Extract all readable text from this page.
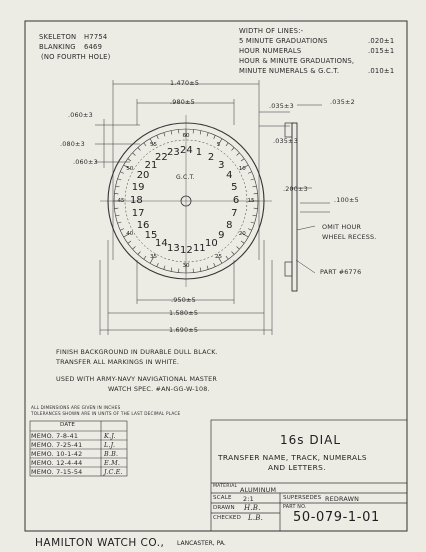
SKELETON H7754
BLANKING 6469
(NO FOURTH HOLE)
WIDTH OF LINES:-
5 MINUTE GRADUATIONS	.020±1
HOUR NUMERALS	.015±1
HOUR & MINUTE GRADUATIONS,
MINUTE NUMERALS & G.C.T.	.010±1
1.470±5
.980±5
.060±3
.080±3
.060±3
.035±3
.035±3
.035±2
.200±3
.100±5
.950±5
1.580±5
1.690±5
24 1 2
3
4
5
6
7
8
9
10
11
12
13
14
15
16
17
18
19
20
21
22 23
5
10
15
20
25
30
35
40
45
50
55
60
G.C.T.
OMIT HOUR
WHEEL RECESS.
PART #6776
FINISH BACKGROUND IN DURABLE DULL BLACK.
TRANSFER ALL MARKINGS IN WHITE.
USED WITH ARMY-NAVY NAVIGATIONAL MASTER
WATCH SPEC. #AN-GG-W-108.
ALL DIMENSIONS ARE GIVEN IN INCHES
TOLERANCES SHOWN ARE IN UNITS OF THE LAST DECIMAL PLACE
DATE
MEMO. 7-8-41	K.J.
MEMO. 7-25-41	L.J.
MEMO. 10-1-42	B.B.
MEMO. 12-4-44	E.M.
MEMO. 7-15-54	J.C.E.
16s DIAL
TRANSFER NAME, TRACK, NUMERALS
AND LETTERS.
MATERIAL ALUMINUM
SCALE 2:1	SUPERSEDES REDRAWN
DRAWN H.B.
CHECKED L.B.
PART NO.
50-079-1-01
HAMILTON WATCH CO., LANCASTER, PA.
